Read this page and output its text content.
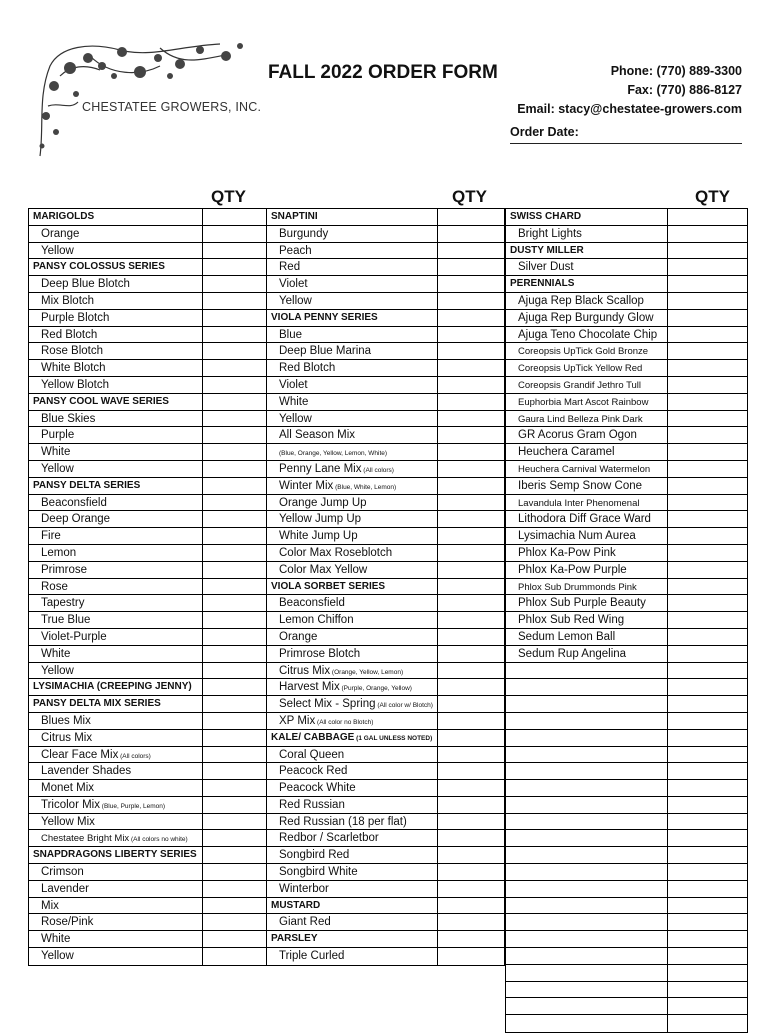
CHESTATEE GROWERS, INC.
FALL 2022 ORDER FORM	Phone: (770) 889-3300
Fax: (770) 886-8127
Email: stacy@chestatee-growers.com
Order Date:
QTY	QTY	QTY
MARIGOLDS
Orange
Yellow
PANSY COLOSSUS SERIES
Deep Blue Blotch
Mix Blotch
Purple Blotch
Red Blotch
Rose Blotch
White Blotch
Yellow Blotch
PANSY COOL WAVE SERIES
Blue Skies
Purple
White
Yellow
PANSY DELTA SERIES
Beaconsfield
Deep Orange
Fire
Lemon
Primrose
Rose
Tapestry
True Blue
Violet-Purple
White
Yellow
LYSIMACHIA (CREEPING JENNY)
PANSY DELTA MIX SERIES
Blues Mix
Citrus Mix
Clear Face Mix (All colors)
Lavender Shades
Monet Mix
Tricolor Mix (Blue, Purple, Lemon)
Yellow Mix
Chestatee Bright Mix (All colors no white)
SNAPDRAGONS LIBERTY SERIES
Crimson
Lavender
Mix
Rose/Pink
White
Yellow
SNAPTINI
Burgundy
Peach
Red
Violet
Yellow
VIOLA PENNY SERIES
Blue
Deep Blue Marina
Red Blotch
Violet
White
Yellow
All Season Mix
(Blue, Orange, Yellow, Lemon, White)
Penny Lane Mix (All colors)
Winter Mix (Blue, White, Lemon)
Orange Jump Up
Yellow Jump Up
White Jump Up
Color Max Roseblotch
Color Max Yellow
VIOLA SORBET SERIES
Beaconsfield
Lemon Chiffon
Orange
Primrose Blotch
Citrus Mix (Orange, Yellow, Lemon)
Harvest Mix (Purple, Orange, Yellow)
Select Mix - Spring (All color w/ Blotch)
XP Mix (All color no Blotch)
KALE/ CABBAGE (1 GAL UNLESS NOTED)
Coral Queen
Peacock Red
Peacock White
Red Russian
Red Russian (18 per flat)
Redbor / Scarletbor
Songbird Red
Songbird White
Winterbor
MUSTARD
Giant Red
PARSLEY
Triple Curled
SWISS CHARD
Bright Lights
DUSTY MILLER
Silver Dust
PERENNIALS
Ajuga Rep Black Scallop
Ajuga Rep Burgundy Glow
Ajuga Teno Chocolate Chip
Coreopsis UpTick Gold Bronze
Coreopsis UpTick Yellow Red
Coreopsis Grandif Jethro Tull
Euphorbia Mart Ascot Rainbow
Gaura Lind Belleza Pink Dark
GR Acorus Gram Ogon
Heuchera Caramel
Heuchera Carnival Watermelon
Iberis Semp Snow Cone
Lavandula Inter Phenomenal
Lithodora Diff Grace Ward
Lysimachia Num Aurea
Phlox Ka-Pow Pink
Phlox Ka-Pow Purple
Phlox Sub Drummonds Pink
Phlox Sub Purple Beauty
Phlox Sub Red Wing
Sedum Lemon Ball
Sedum Rup Angelina
